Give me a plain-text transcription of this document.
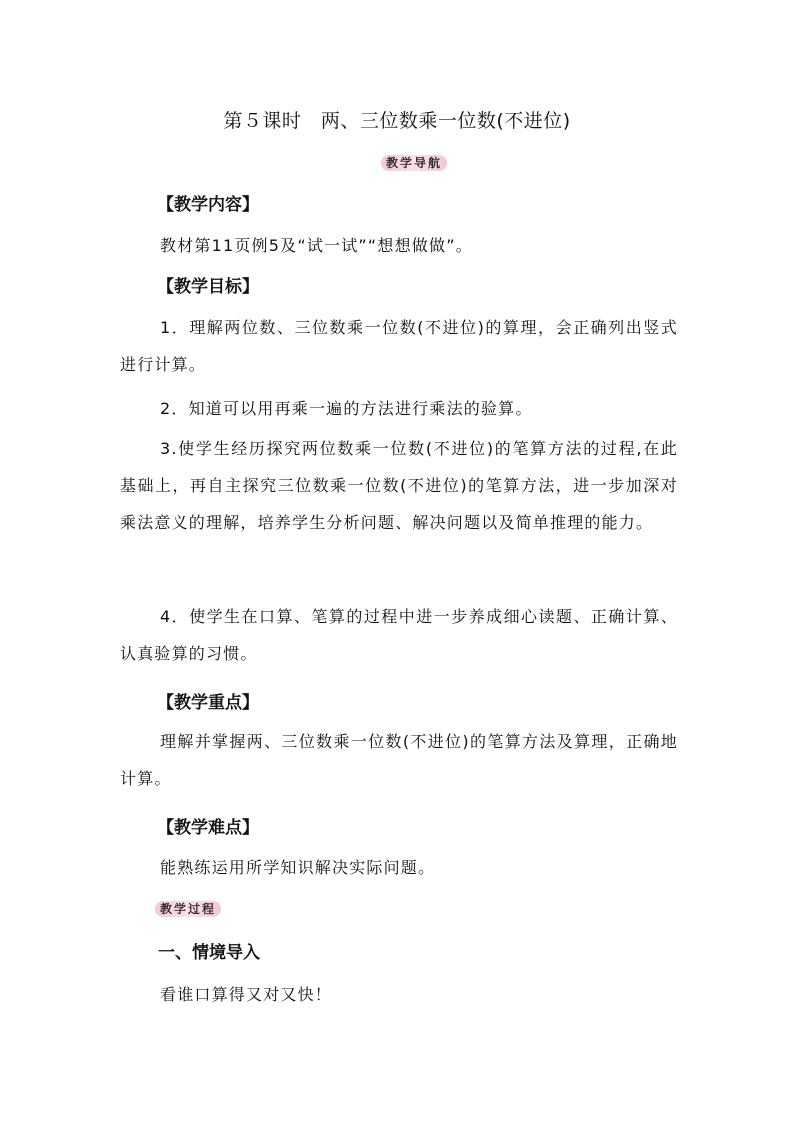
第５课时　两、三位数乘一位数(不进位)
教学导航
【教学内容】
教材第11页例5及“试一试”“想想做做”。
【教学目标】
1．理解两位数、三位数乘一位数(不进位)的算理，会正确列出竖式进行计算。
2．知道可以用再乘一遍的方法进行乘法的验算。
3.使学生经历探究两位数乘一位数(不进位)的笔算方法的过程,在此基础上，再自主探究三位数乘一位数(不进位)的笔算方法，进一步加深对乘法意义的理解，培养学生分析问题、解决问题以及简单推理的能力。
4．使学生在口算、笔算的过程中进一步养成细心读题、正确计算、认真验算的习惯。
【教学重点】
理解并掌握两、三位数乘一位数(不进位)的笔算方法及算理，正确地计算。
【教学难点】
能熟练运用所学知识解决实际问题。
教学过程
一、情境导入
看谁口算得又对又快！
